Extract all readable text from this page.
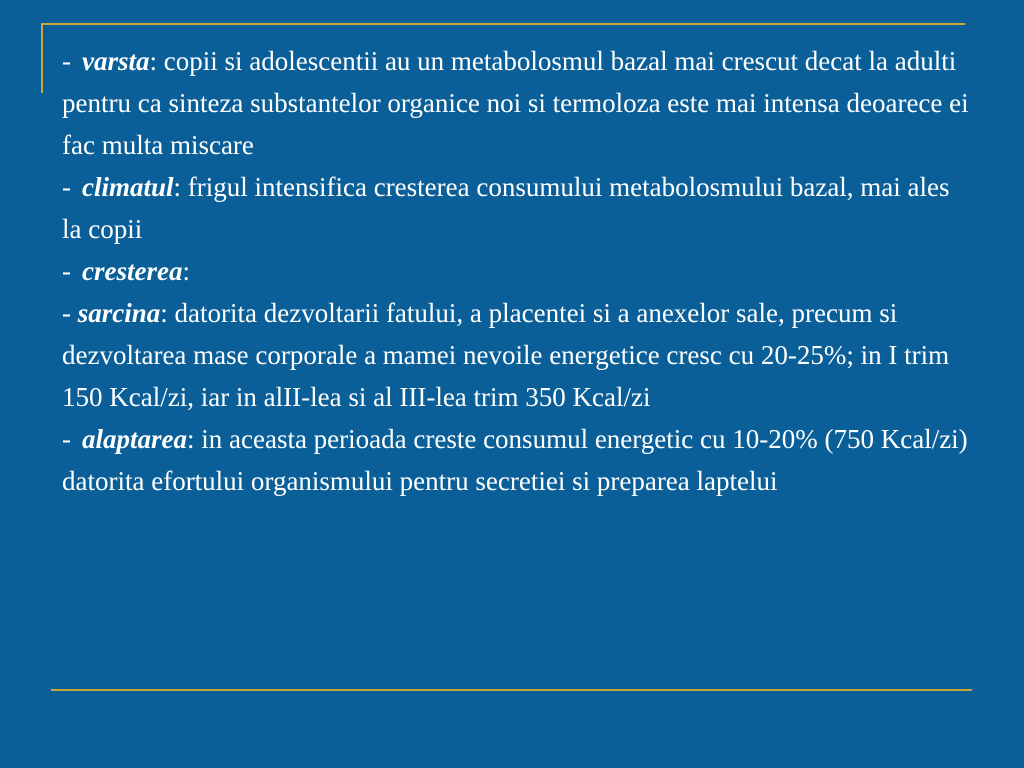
- varsta: copii si adolescentii au un metabolosmul bazal mai crescut decat la adulti pentru ca sinteza substantelor organice noi si termoloza este mai intensa deoarece ei fac multa miscare

- climatul: frigul intensifica cresterea consumului metabolosmului bazal, mai ales la copii

- cresterea:

- sarcina: datorita dezvoltarii fatului, a placentei si a anexelor sale, precum si dezvoltarea mase corporale a mamei nevoile energetice cresc cu 20-25%; in I trim 150 Kcal/zi, iar in alII-lea si al III-lea trim 350 Kcal/zi

- alaptarea: in aceasta perioada creste consumul energetic cu 10-20% (750 Kcal/zi) datorita efortului organismului pentru secretiei si preparea laptelui
